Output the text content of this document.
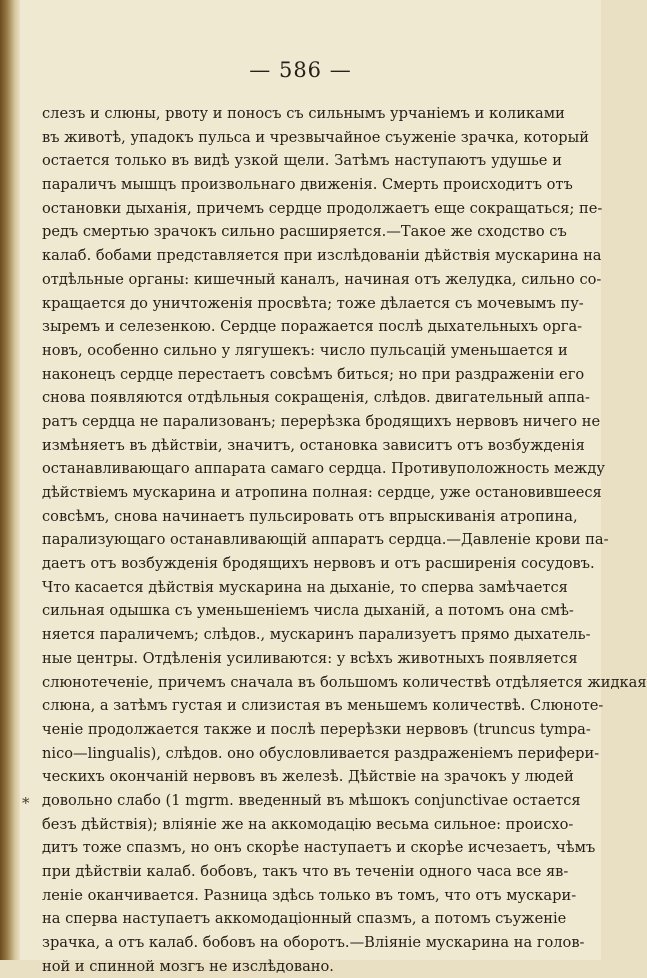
— 586 —
*
слезъ и слюны, рвоту и поносъ съ сильнымъ урчанiемъ и коликами
въ животѣ, упадокъ пульса и чрезвычайное съуженiе зрачка, который
остается только въ видѣ узкой щели. Затѣмъ наступаютъ удушье и
параличъ мышцъ произвольнаго движенiя. Смерть происходитъ отъ
остановки дыханiя, причемъ сердце продолжаетъ еще сокращаться; пе-
редъ смертью зрачокъ сильно расширяется.—Такое же сходство съ
калаб. бобами представляется при изслѣдованiи дѣйствiя мускарина на
отдѣльные органы: кишечный каналъ, начиная отъ желудка, сильно со-
кращается до уничтоженiя просвѣта; тоже дѣлается съ мочевымъ пу-
зыремъ и селезенкою. Сердце поражается послѣ дыхательныхъ орга-
новъ, особенно сильно у лягушекъ: число пульсацiй уменьшается и
наконецъ сердце перестаетъ совсѣмъ биться; но при раздраженiи его
снова появляются отдѣльныя сокращенiя, слѣдов. двигательный аппа-
ратъ сердца не парализованъ; перерѣзка бродящихъ нервовъ ничего не
измѣняетъ въ дѣйствiи, значитъ, остановка зависитъ отъ возбужденiя
останавливающаго аппарата самаго сердца. Противуположность между
дѣйствiемъ мускарина и атропина полная: сердце, уже остановившееся
совсѣмъ, снова начинаетъ пульсировать отъ впрыскиванiя атропина,
парализующаго останавливающiй аппаратъ сердца.—Давленiе крови па-
даетъ отъ возбужденiя бродящихъ нервовъ и отъ расширенiя сосудовъ.
Что касается дѣйствiя мускарина на дыханiе, то сперва замѣчается
сильная одышка съ уменьшенiемъ числа дыханiй, а потомъ она смѣ-
няется параличемъ; слѣдов., мускаринъ парализуетъ прямо дыхатель-
ные центры. Отдѣленiя усиливаются: у всѣхъ животныхъ появляется
слюнотеченiе, причемъ сначала въ большомъ количествѣ отдѣляется жидкая
слюна, а затѣмъ густая и слизистая въ меньшемъ количествѣ. Слюноте-
ченiе продолжается также и послѣ перерѣзки нервовъ (truncus tympa-
nico—lingualis), слѣдов. оно обусловливается раздраженiемъ перифери-
ческихъ окончанiй нервовъ въ железѣ. Дѣйствiе на зрачокъ у людей
довольно слабо (1 mgrm. введенный въ мѣшокъ conjunctivae остается
безъ дѣйствiя); влiянiе же на аккомодацiю весьма сильное: происхо-
дитъ тоже спазмъ, но онъ скорѣе наступаетъ и скорѣе исчезаетъ, чѣмъ
при дѣйствiи калаб. бобовъ, такъ что въ теченiи одного часа все яв-
ленiе оканчивается. Разница здѣсь только въ томъ, что отъ мускари-
на сперва наступаетъ аккомодацiонный спазмъ, а потомъ съуженiе
зрачка, а отъ калаб. бобовъ на оборотъ.—Влiянiе мускарина на голов-
ной и спинной мозгъ не изслѣдовано.
